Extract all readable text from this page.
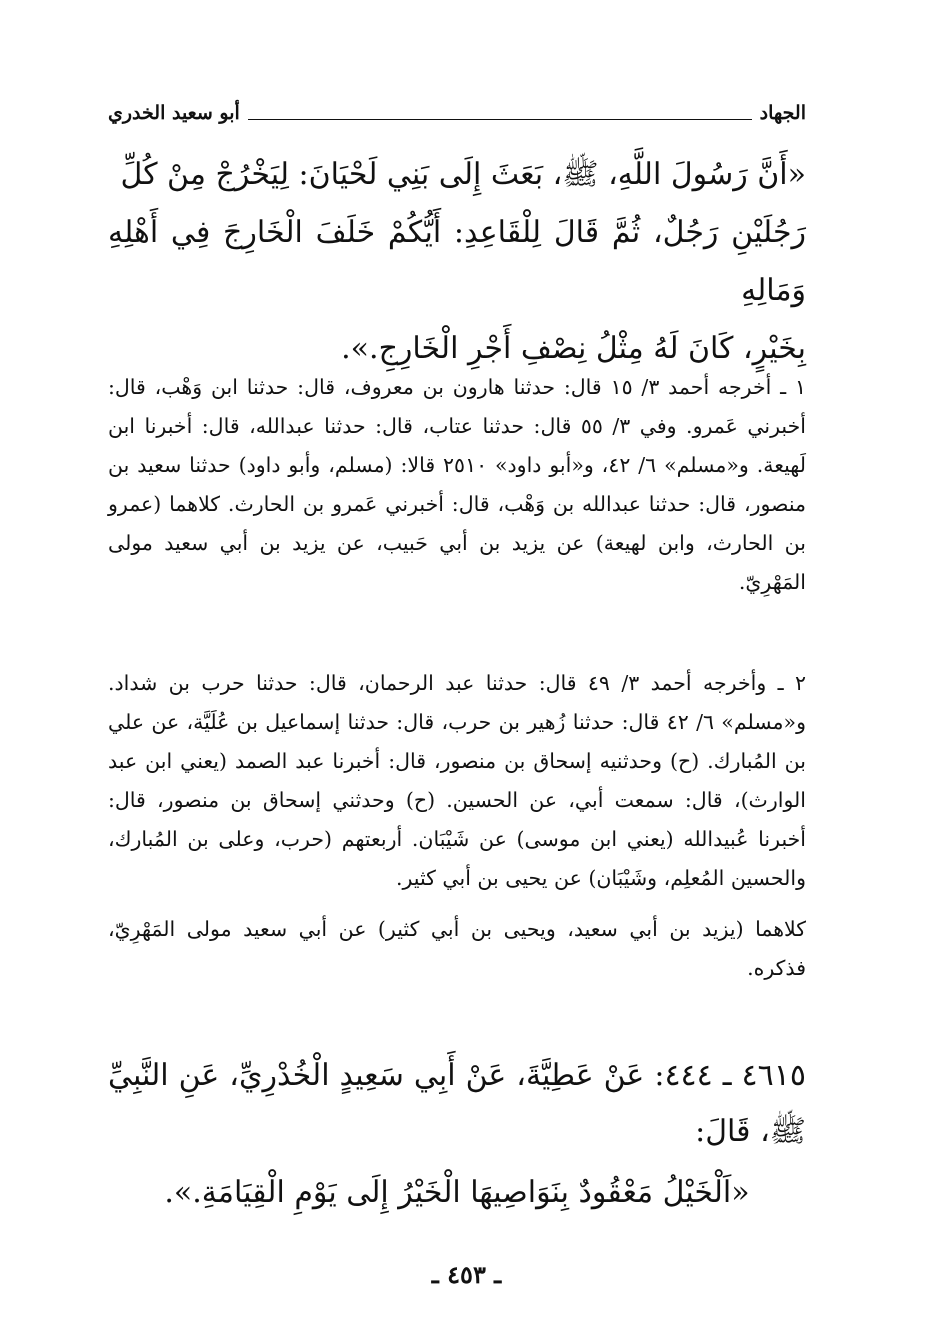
الجهاد
أبو سعيد الخدري

«أَنَّ رَسُولَ اللَّهِ، ﷺ، بَعَثَ إِلَى بَنِي لَحْيَانَ: لِيَخْرُجْ مِنْ كُلِّ

رَجُلَيْنِ رَجُلٌ، ثُمَّ قَالَ لِلْقَاعِدِ: أَيُّكُمْ خَلَفَ الْخَارِجَ فِي أَهْلِهِ وَمَالِهِ

بِخَيْرٍ، كَانَ لَهُ مِثْلُ نِصْفِ أَجْرِ الْخَارِجِ.».

١ ـ أخرجه أحمد ٣/ ١٥ قال: حدثنا هارون بن معروف، قال: حدثنا ابن وَهْب، قال: أخبرني عَمرو. وفي ٣/ ٥٥ قال: حدثنا عتاب، قال: حدثنا عبدالله، قال: أخبرنا ابن لَهيعة. و«مسلم» ٦/ ٤٢، و«أبو داود» ٢٥١٠ قالا: (مسلم، وأبو داود) حدثنا سعيد بن منصور، قال: حدثنا عبدالله بن وَهْب، قال: أخبرني عَمرو بن الحارث. كلاهما (عمرو بن الحارث، وابن لهيعة) عن يزيد بن أبي حَبيب، عن يزيد بن أبي سعيد مولى المَهْرِيّ.

٢ ـ وأخرجه أحمد ٣/ ٤٩ قال: حدثنا عبد الرحمان، قال: حدثنا حرب بن شداد. و«مسلم» ٦/ ٤٢ قال: حدثنا زُهير بن حرب، قال: حدثنا إسماعيل بن عُلَيَّة، عن علي بن المُبارك. (ح) وحدثنيه إسحاق بن منصور، قال: أخبرنا عبد الصمد (يعني ابن عبد الوارث)، قال: سمعت أبي، عن الحسين. (ح) وحدثني إسحاق بن منصور، قال: أخبرنا عُبيدالله (يعني ابن موسى) عن شَيْبَان. أربعتهم (حرب، وعلى بن المُبارك، والحسين المُعلِم، وشَيْبَان) عن يحيى بن أبي كثير.

كلاهما (يزيد بن أبي سعيد، ويحيى بن أبي كثير) عن أبي سعيد مولى المَهْرِيّ، فذكره.

٤٦١٥ ـ ٤٤٤: عَنْ عَطِيَّةَ، عَنْ أَبِي سَعِيدٍ الْخُدْرِيِّ، عَنِ النَّبِيِّ ﷺ، قَالَ:

«اَلْخَيْلُ مَعْقُودٌ بِنَوَاصِيهَا الْخَيْرُ إِلَى يَوْمِ الْقِيَامَةِ.».
ـ ٤٥٣ ـ
